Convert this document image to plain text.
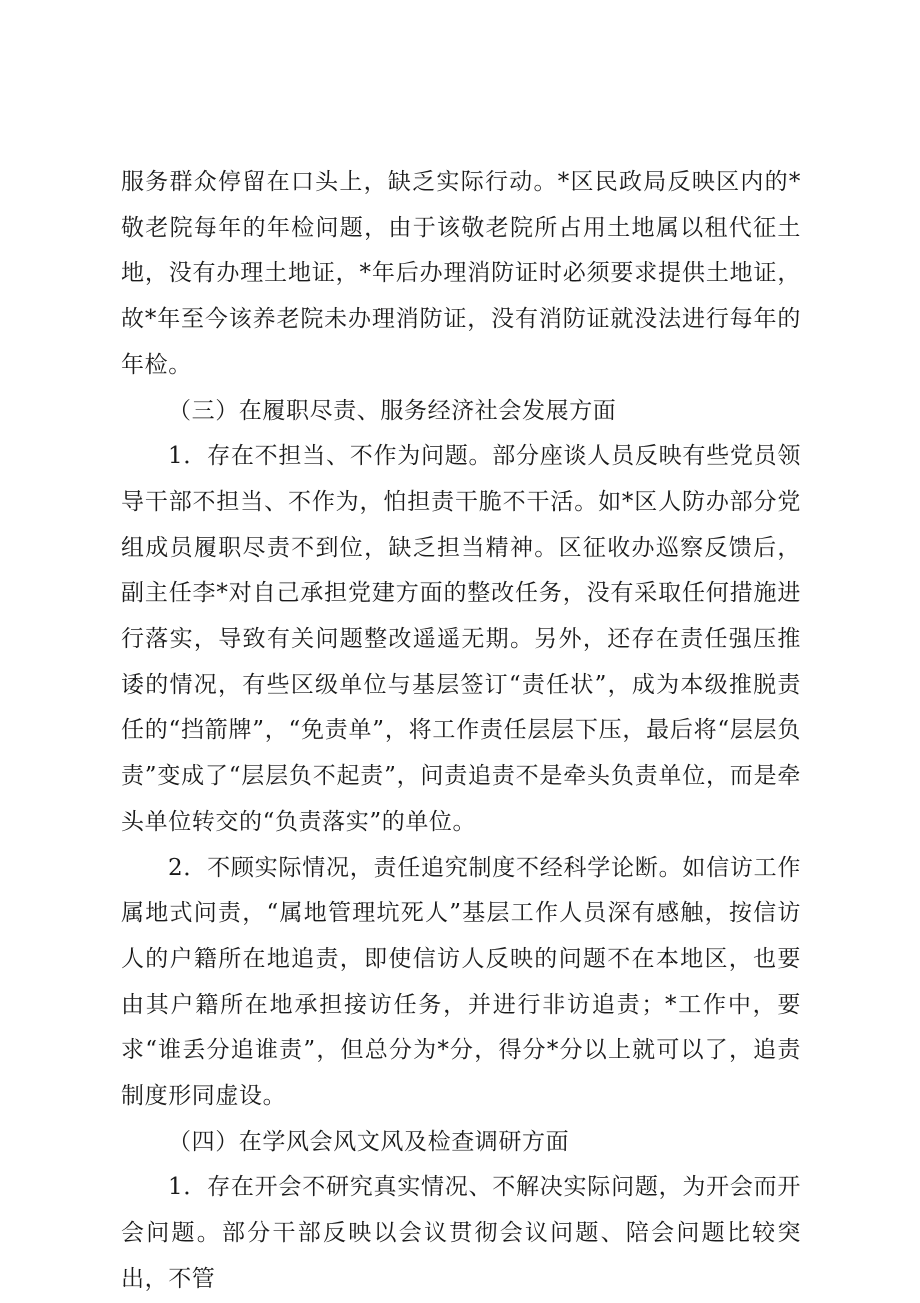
服务群众停留在口头上，缺乏实际行动。*区民政局反映区内的*敬老院每年的年检问题，由于该敬老院所占用土地属以租代征土地，没有办理土地证，*年后办理消防证时必须要求提供土地证，故*年至今该养老院未办理消防证，没有消防证就没法进行每年的年检。

（三）在履职尽责、服务经济社会发展方面

1．存在不担当、不作为问题。部分座谈人员反映有些党员领导干部不担当、不作为，怕担责干脆不干活。如*区人防办部分党组成员履职尽责不到位，缺乏担当精神。区征收办巡察反馈后，副主任李*对自己承担党建方面的整改任务，没有采取任何措施进行落实，导致有关问题整改遥遥无期。另外，还存在责任强压推诿的情况，有些区级单位与基层签订“责任状”，成为本级推脱责任的“挡箭牌”，“免责单”，将工作责任层层下压，最后将“层层负责”变成了“层层负不起责”，问责追责不是牵头负责单位，而是牵头单位转交的“负责落实”的单位。

2．不顾实际情况，责任追究制度不经科学论断。如信访工作属地式问责，“属地管理坑死人”基层工作人员深有感触，按信访人的户籍所在地追责，即使信访人反映的问题不在本地区，也要由其户籍所在地承担接访任务，并进行非访追责；*工作中，要求“谁丢分追谁责”，但总分为*分，得分*分以上就可以了，追责制度形同虚设。

（四）在学风会风文风及检查调研方面

1．存在开会不研究真实情况、不解决实际问题，为开会而开会问题。部分干部反映以会议贯彻会议问题、陪会问题比较突出，不管
